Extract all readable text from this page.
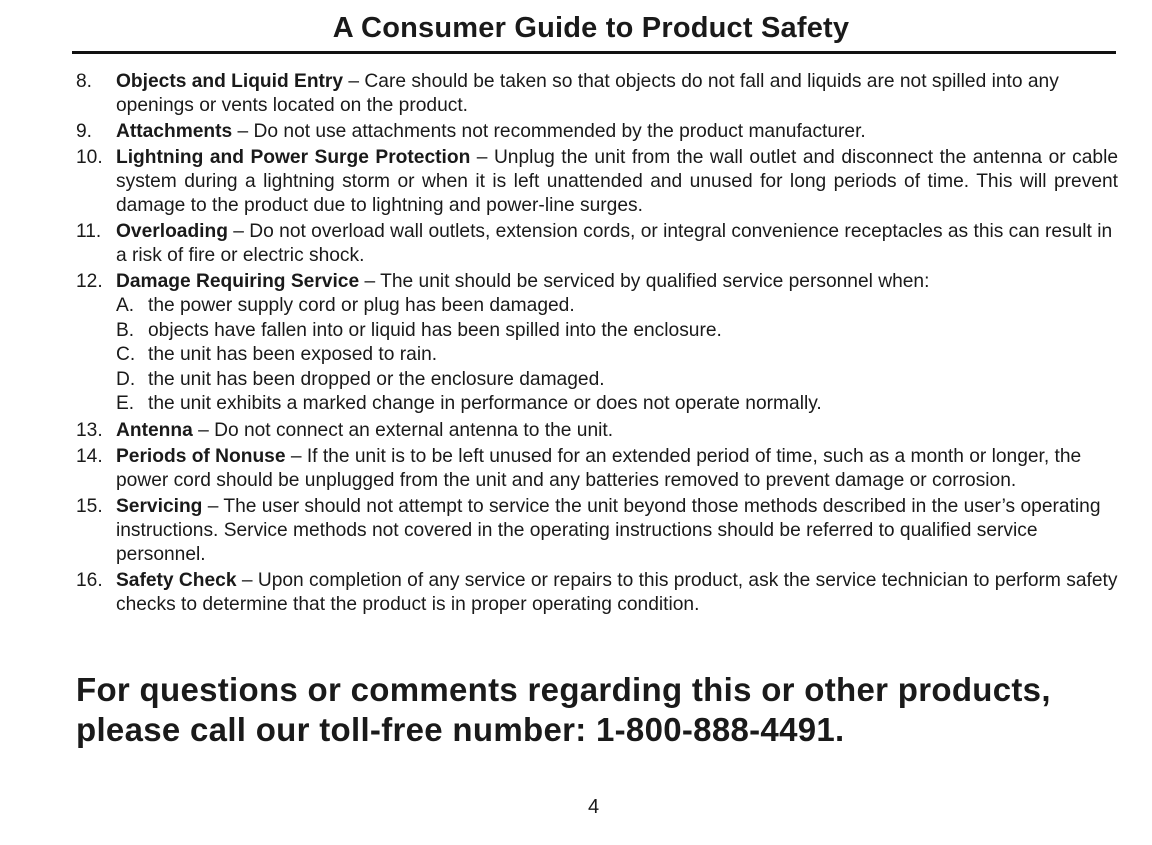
A Consumer Guide to Product Safety
8.	Objects and Liquid Entry – Care should be taken so that objects do not fall and liquids are not spilled into any openings or vents located on the product.
9.	Attachments – Do not use attachments not recommended by the product manufacturer.
10. Lightning and Power Surge Protection – Unplug the unit from the wall outlet and disconnect the antenna or cable system during a lightning storm or when it is left unattended and unused for long periods of time. This will prevent damage to the product due to lightning and power-line surges.
11. Overloading – Do not overload wall outlets, extension cords, or integral convenience receptacles as this can result in a risk of fire or electric shock.
12. Damage Requiring Service – The unit should be serviced by qualified service personnel when:
A. the power supply cord or plug has been damaged.
B. objects have fallen into or liquid has been spilled into the enclosure.
C. the unit has been exposed to rain.
D. the unit has been dropped or the enclosure damaged.
E. the unit exhibits a marked change in performance or does not operate normally.
13. Antenna – Do not connect an external antenna to the unit.
14. Periods of Nonuse – If the unit is to be left unused for an extended period of time, such as a month or longer, the power cord should be unplugged from the unit and any batteries removed to prevent damage or corrosion.
15. Servicing – The user should not attempt to service the unit beyond those methods described in the user’s operating instructions. Service methods not covered in the operating instructions should be referred to qualified service personnel.
16. Safety Check – Upon completion of any service or repairs to this product, ask the service technician to perform safety checks to determine that the product is in proper operating condition.
For questions or comments regarding this or other products,
please call our toll-free number: 1-800-888-4491.
4
